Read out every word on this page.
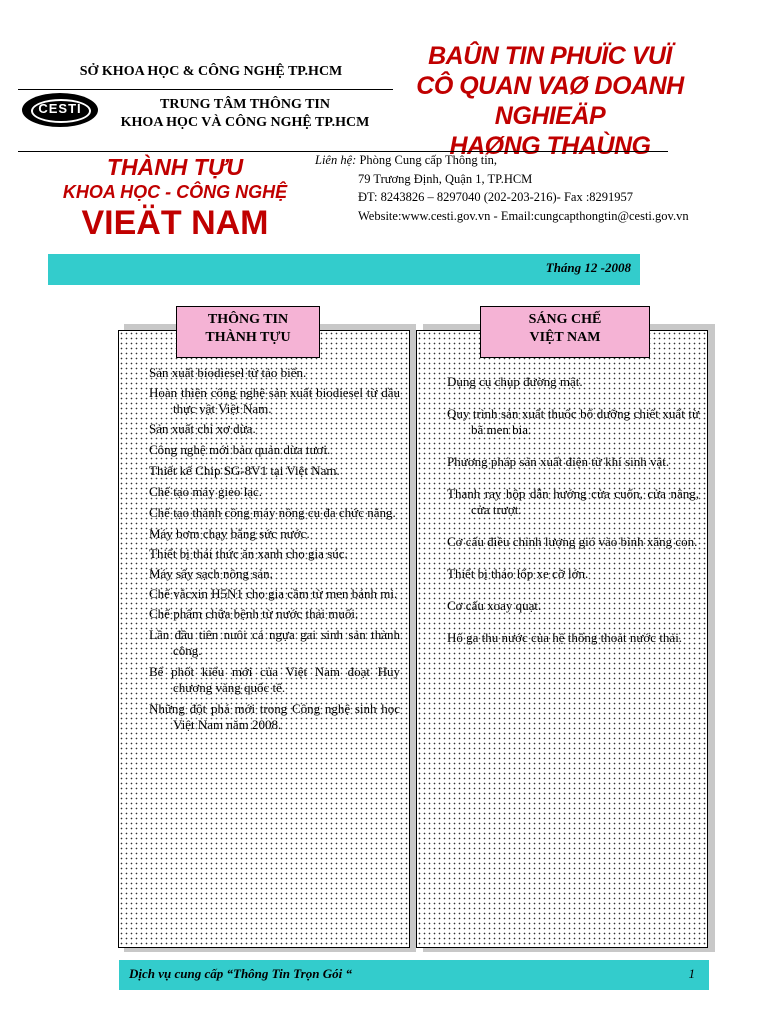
SỞ KHOA HỌC & CÔNG NGHỆ TP.HCM
CESTI	TRUNG TÂM THÔNG TIN
KHOA HỌC VÀ CÔNG NGHỆ TP.HCM
BAÛN TIN PHUÏC VUÏ
CÔ QUAN VAØ DOANH NGHIEÄP
HAØNG THAÙNG
THÀNH TỰU
KHOA HỌC - CÔNG NGHỆ
VIEÄT NAM
Liên hệ: Phòng Cung cấp Thông tin,
79 Trương Định, Quận 1, TP.HCM
ĐT: 8243826 – 8297040 (202-203-216)- Fax :8291957
Website:www.cesti.gov.vn - Email:cungcapthongtin@cesti.gov.vn
Tháng 12 -2008
Sản xuất biodiesel từ tảo biển.
Hoàn thiện công nghệ sản xuất biodiesel từ dầu thực vật Việt Nam.
Sản xuất chỉ xơ dừa.
Công nghệ mới bảo quản dừa tươi.
Thiết kế Chip SG-8V1 tại Việt Nam.
Chế tạo máy gieo lạc.
Chế tạo thành công máy nông cụ đa chức năng.
Máy bơm chạy bằng sức nước.
Thiết bị thái thức ăn xanh cho gia súc.
Máy sấy sạch nông sản.
Chế vắcxin H5N1 cho gia cầm từ men bánh mì.
Chế phẩm chữa bệnh từ nước thải muối.
Lần đầu tiên nuôi cá ngựa gai sinh sản thành công.
Bể phốt kiểu mới của Việt Nam đoạt Huy chương vàng quốc tế.
Những đột phá mới trong Công nghệ sinh học Việt Nam năm 2008.
THÔNG TIN
THÀNH TỰU
Dụng cụ chụp đường mật.
Quy trình sản xuất thuốc bổ dưỡng chiết xuất từ bã men bia.
Phương pháp sản xuất điện từ khí sinh vật.
Thanh ray hộp dẫn hướng cửa cuốn, cửa nâng, cửa trượt.
Cơ cấu điều chỉnh lượng gió vào bình xăng con.
Thiết bị tháo lốp xe cỡ lớn.
Cơ cấu xoay quạt.
Hố ga thu nước của hệ thống thoát nước thải.
SÁNG CHẾ
VIỆT NAM
Dịch vụ cung cấp “Thông Tin Trọn Gói “	1
